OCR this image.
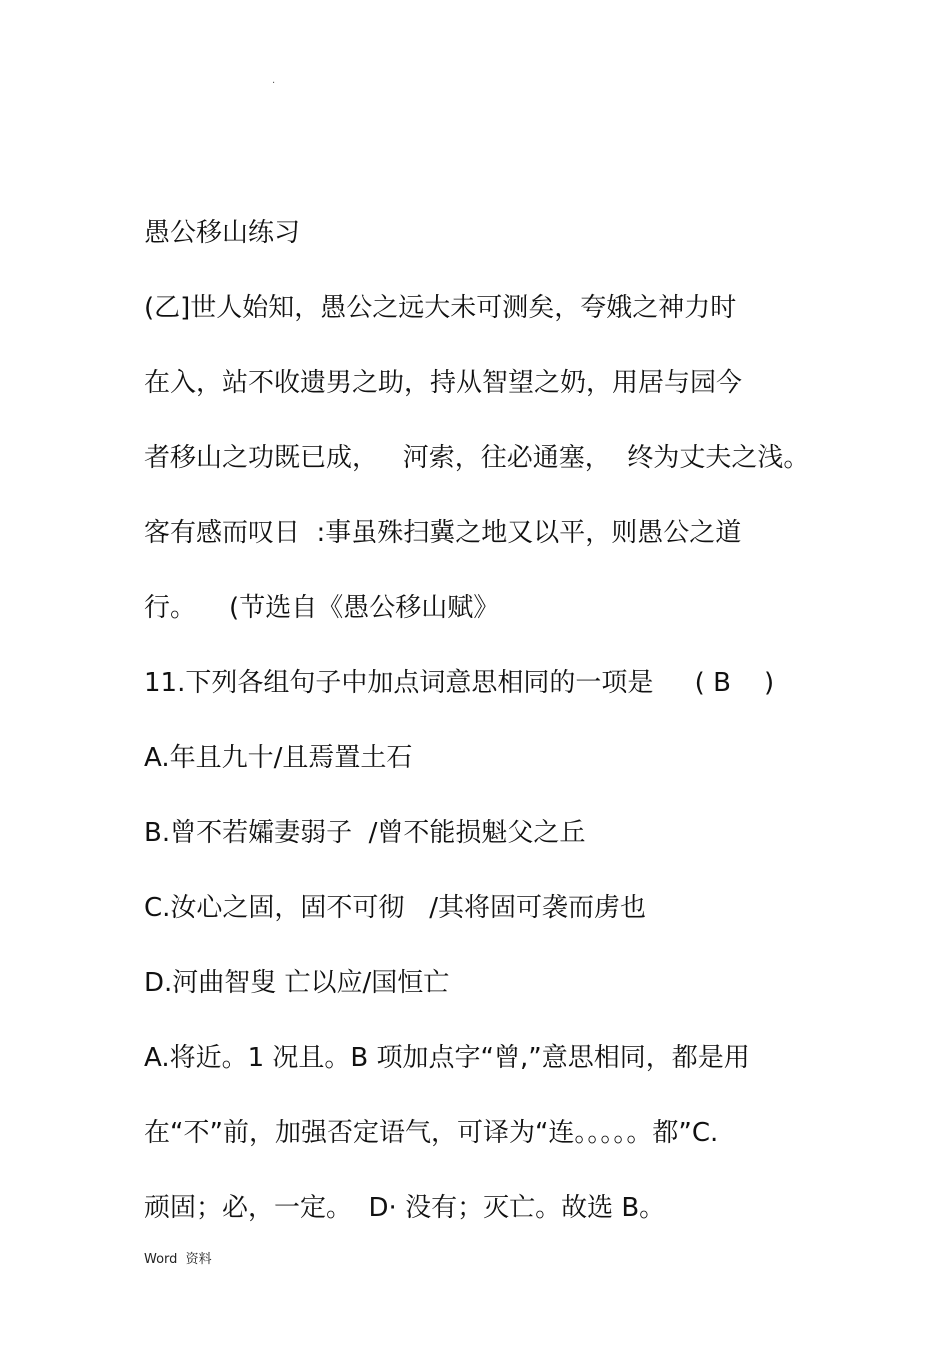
.
愚公移山练习
(乙]世人始知，愚公之远大未可测矣，夸娥之神力时
在入，站不收遗男之助，持从智望之奶，用居与园今
者移山之功既已成，   河索，往必通塞，  终为丈夫之浅。
客有感而叹日  :事虽殊扫冀之地又以平，则愚公之道
行。    (节选自《愚公移山赋》
11.下列各组句子中加点词意思相同的一项是     ( B    )
A.年且九十/且焉置土石
B.曾不若孀妻弱子  /曾不能损魁父之丘
C.汝心之固，固不可彻   /其将固可袭而虏也
D.河曲智叟 亡以应/国恒亡
A.将近。1 况且。B 项加点字“曾,”意思相同，都是用
在“不”前，加强否定语气，可译为“连。。。。。都”C.
顽固；必，一定。  D· 没有；灭亡。故选 B。
Word  资料
